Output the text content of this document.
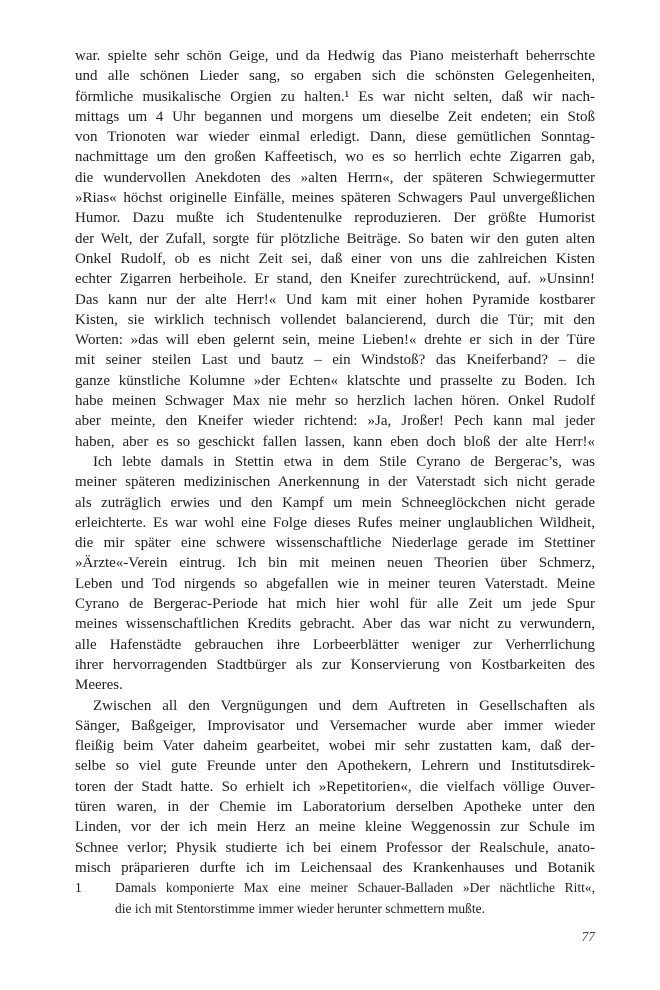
war. spielte sehr schön Geige, und da Hedwig das Piano meisterhaft beherrschte
und alle schönen Lieder sang, so ergaben sich die schönsten Gelegenheiten,
förmliche musikalische Orgien zu halten.¹ Es war nicht selten, daß wir nach-
mittags um 4 Uhr begannen und morgens um dieselbe Zeit endeten; ein Stoß
von Trionoten war wieder einmal erledigt. Dann, diese gemütlichen Sonntag-
nachmittage um den großen Kaffeetisch, wo es so herrlich echte Zigarren gab,
die wundervollen Anekdoten des »alten Herrn«, der späteren Schwiegermutter
»Rias« höchst originelle Einfälle, meines späteren Schwagers Paul unvergeßlichen
Humor. Dazu mußte ich Studentenulke reproduzieren. Der größte Humorist
der Welt, der Zufall, sorgte für plötzliche Beiträge. So baten wir den guten alten
Onkel Rudolf, ob es nicht Zeit sei, daß einer von uns die zahlreichen Kisten
echter Zigarren herbeihole. Er stand, den Kneifer zurechtrückend, auf. »Unsinn!
Das kann nur der alte Herr!« Und kam mit einer hohen Pyramide kostbarer
Kisten, sie wirklich technisch vollendet balancierend, durch die Tür; mit den
Worten: »das will eben gelernt sein, meine Lieben!« drehte er sich in der Türe
mit seiner steilen Last und bautz – ein Windstoß? das Kneiferband? – die
ganze künstliche Kolumne »der Echten« klatschte und prasselte zu Boden. Ich
habe meinen Schwager Max nie mehr so herzlich lachen hören. Onkel Rudolf
aber meinte, den Kneifer wieder richtend: »Ja, Jroßer! Pech kann mal jeder
haben, aber es so geschickt fallen lassen, kann eben doch bloß der alte Herr!«
Ich lebte damals in Stettin etwa in dem Stile Cyrano de Bergerac’s, was
meiner späteren medizinischen Anerkennung in der Vaterstadt sich nicht gerade
als zuträglich erwies und den Kampf um mein Schneeglöckchen nicht gerade
erleichterte. Es war wohl eine Folge dieses Rufes meiner unglaublichen Wildheit,
die mir später eine schwere wissenschaftliche Niederlage gerade im Stettiner
»Ärzte«-Verein eintrug. Ich bin mit meinen neuen Theorien über Schmerz,
Leben und Tod nirgends so abgefallen wie in meiner teuren Vaterstadt. Meine
Cyrano de Bergerac-Periode hat mich hier wohl für alle Zeit um jede Spur
meines wissenschaftlichen Kredits gebracht. Aber das war nicht zu verwundern,
alle Hafenstädte gebrauchen ihre Lorbeerblätter weniger zur Verherrlichung
ihrer hervorragenden Stadtbürger als zur Konservierung von Kostbarkeiten des
Meeres.
Zwischen all den Vergnügungen und dem Auftreten in Gesellschaften als
Sänger, Baßgeiger, Improvisator und Versemacher wurde aber immer wieder
fleißig beim Vater daheim gearbeitet, wobei mir sehr zustatten kam, daß der-
selbe so viel gute Freunde unter den Apothekern, Lehrern und Institutsdirek-
toren der Stadt hatte. So erhielt ich »Repetitorien«, die vielfach völlige Ouver-
türen waren, in der Chemie im Laboratorium derselben Apotheke unter den
Linden, vor der ich mein Herz an meine kleine Weggenossin zur Schule im
Schnee verlor; Physik studierte ich bei einem Professor der Realschule, anato-
misch präparieren durfte ich im Leichensaal des Krankenhauses und Botanik
1 Damals komponierte Max eine meiner Schauer-Balladen »Der nächtliche Ritt«,
die ich mit Stentorstimme immer wieder herunter schmettern mußte.
77
